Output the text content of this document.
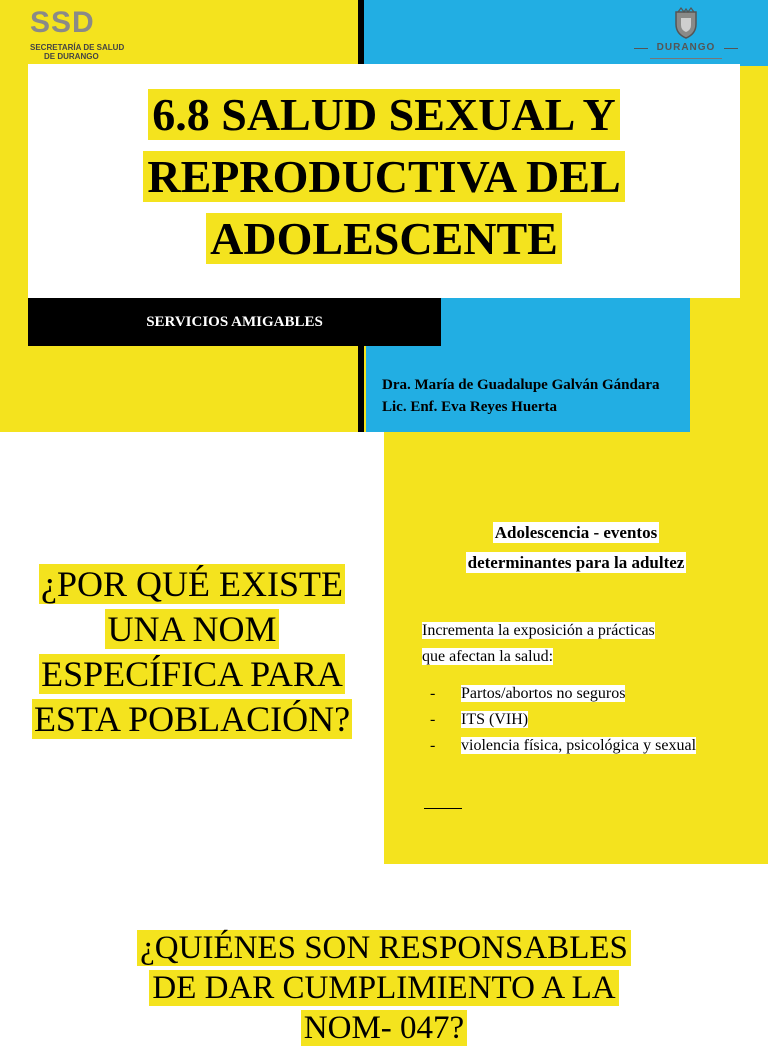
SSD
SECRETARÍA DE SALUD
DE DURANGO
DURANGO
6.8 SALUD SEXUAL Y
REPRODUCTIVA DEL
ADOLESCENTE
SERVICIOS AMIGABLES
Dra. María de Guadalupe Galván Gándara
Lic. Enf. Eva Reyes Huerta
¿POR QUÉ EXISTE
UNA NOM
ESPECÍFICA PARA
ESTA POBLACIÓN?
Adolescencia - eventos
determinantes para la adultez
Incrementa la exposición a prácticas
que afectan la salud:
- Partos/abortos no seguros
- ITS (VIH)
- violencia física, psicológica y sexual
¿QUIÉNES SON RESPONSABLES
DE DAR CUMPLIMIENTO A LA
NOM- 047?
